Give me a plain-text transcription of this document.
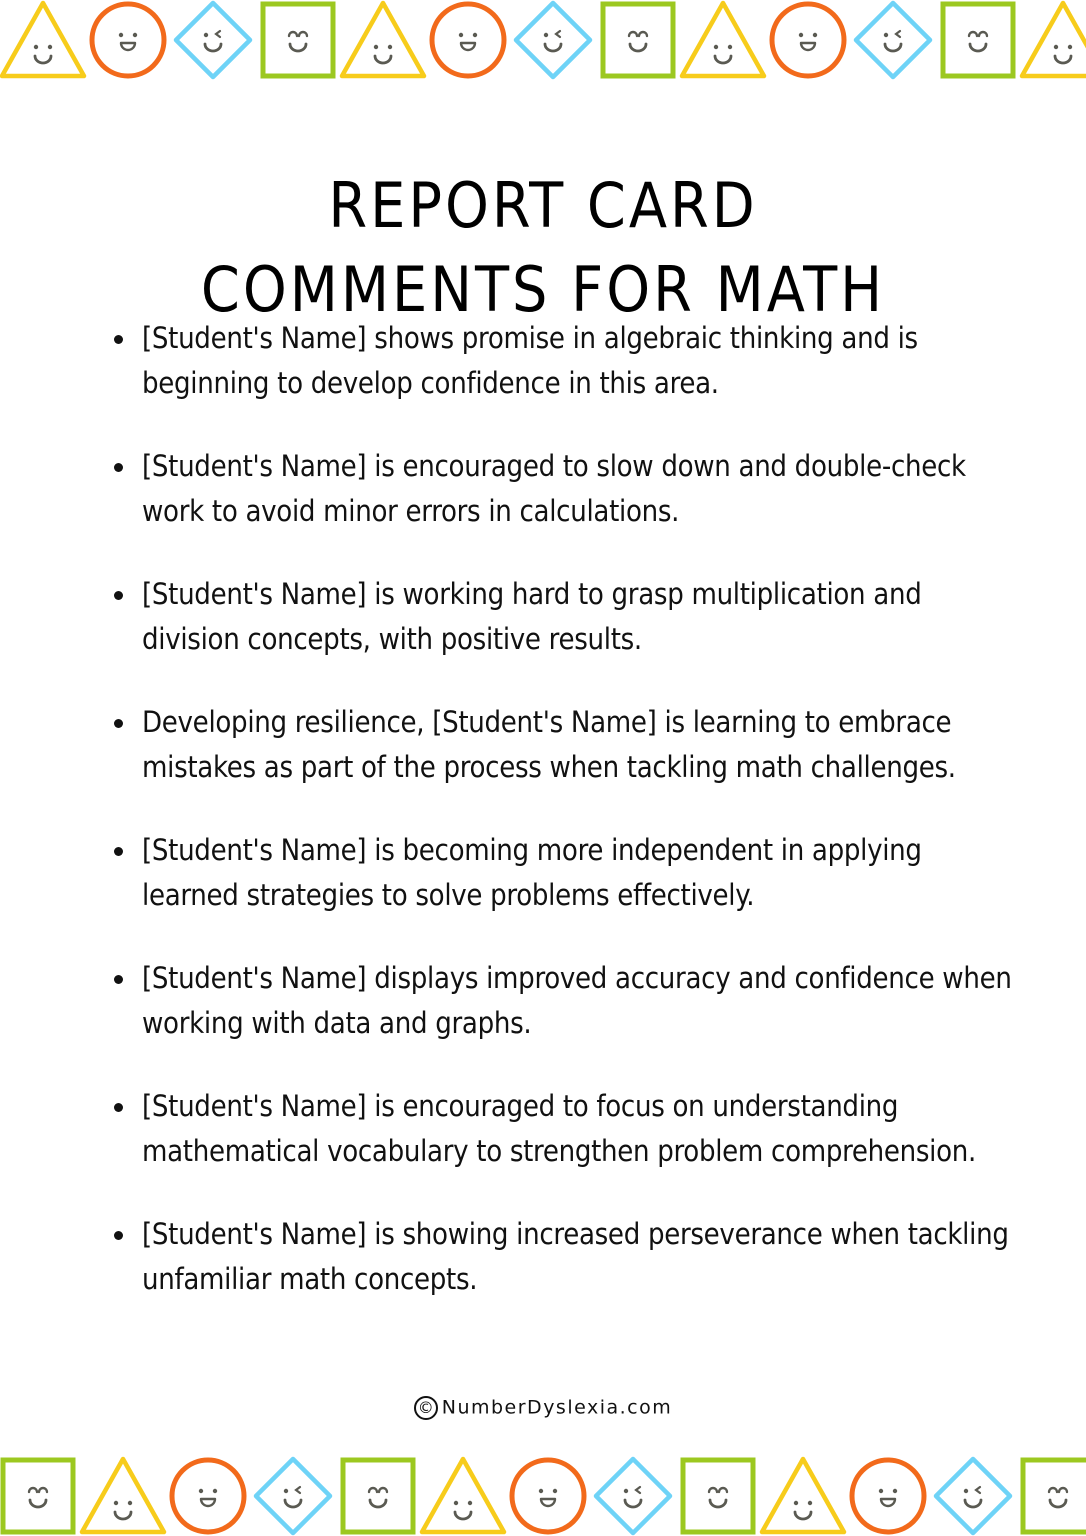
REPORT CARD
COMMENTS FOR MATH
[Student's Name] shows promise in algebraic thinking and is beginning to develop confidence in this area.
[Student's Name] is encouraged to slow down and double-check work to avoid minor errors in calculations.
[Student's Name] is working hard to grasp multiplication and division concepts, with positive results.
Developing resilience, [Student's Name] is learning to embrace mistakes as part of the process when tackling math challenges.
[Student's Name] is becoming more independent in applying learned strategies to solve problems effectively.
[Student's Name] displays improved accuracy and confidence when working with data and graphs.
[Student's Name] is encouraged to focus on understanding mathematical vocabulary to strengthen problem comprehension.
[Student's Name] is showing increased perseverance when tackling unfamiliar math concepts.
© NumberDyslexia.com
